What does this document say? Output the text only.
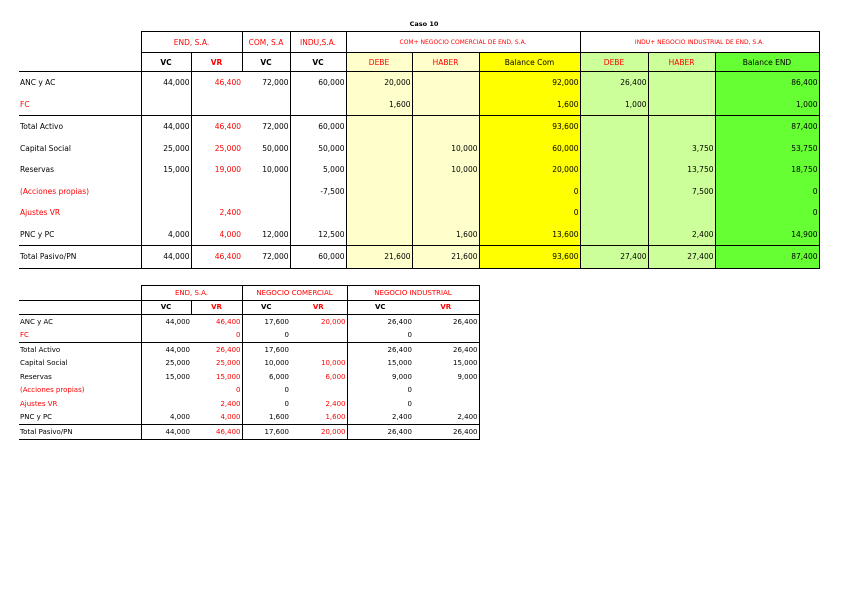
Caso 10
	END, S.A.		COM, S.A	INDU,S.A.	COM+ NEGOCIO COMERCIAL DE END, S.A.			INDU+ NEGOCIO INDUSTRIAL DE END, S.A.		
	VC	VR	VC	VC	DEBE	HABER	Balance Com	DEBE	HABER	Balance END
ANC y AC	44,000	46,400	72,000	60,000	20,000		92,000	26,400		86,400
FC					1,600		1,600	1,000		1,000
Total Activo	44,000	46,400	72,000	60,000			93,600			87,400
Capital Social	25,000	25,000	50,000	50,000		10,000	60,000		3,750	53,750
Reservas	15,000	19,000	10,000	5,000		10,000	20,000		13,750	18,750
(Acciones propias)				-7,500			0		7,500	0
Ajustes VR		2,400					0			0
PNC y PC	4,000	4,000	12,000	12,500		1,600	13,600		2,400	14,900
Total Pasivo/PN	44,000	46,400	72,000	60,000	21,600	21,600	93,600	27,400	27,400	87,400
	END, S.A.		NEGOCIO COMERCIAL		NEGOCIO INDUSTRIAL	
	VC	VR	VC	VR	VC	VR
ANC y AC	44,000	46,400	17,600	20,000	26,400	26,400
FC		0	0		0	
Total Activo	44,000	26,400	17,600		26,400	26,400
Capital Social	25,000	25,000	10,000	10,000	15,000	15,000
Reservas	15,000	15,000	6,000	6,000	9,000	9,000
(Acciones propias)		0	0		0	
Ajustes VR		2,400	0	2,400	0	
PNC y PC	4,000	4,000	1,600	1,600	2,400	2,400
Total Pasivo/PN	44,000	46,400	17,600	20,000	26,400	26,400
